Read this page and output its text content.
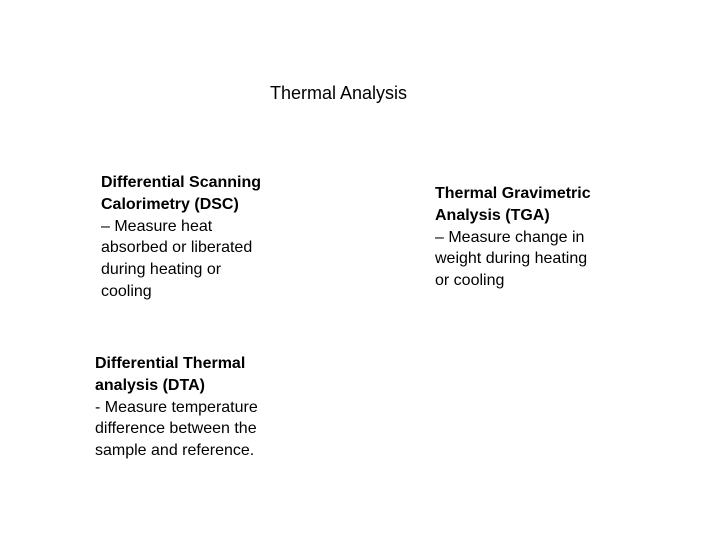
Thermal Analysis
Differential Scanning
Calorimetry (DSC)
– Measure heat
absorbed or liberated
during heating or
cooling
Thermal Gravimetric
Analysis (TGA)
– Measure change in
weight during heating
or cooling
Differential Thermal
analysis (DTA)
- Measure temperature
difference between the
sample and reference.
